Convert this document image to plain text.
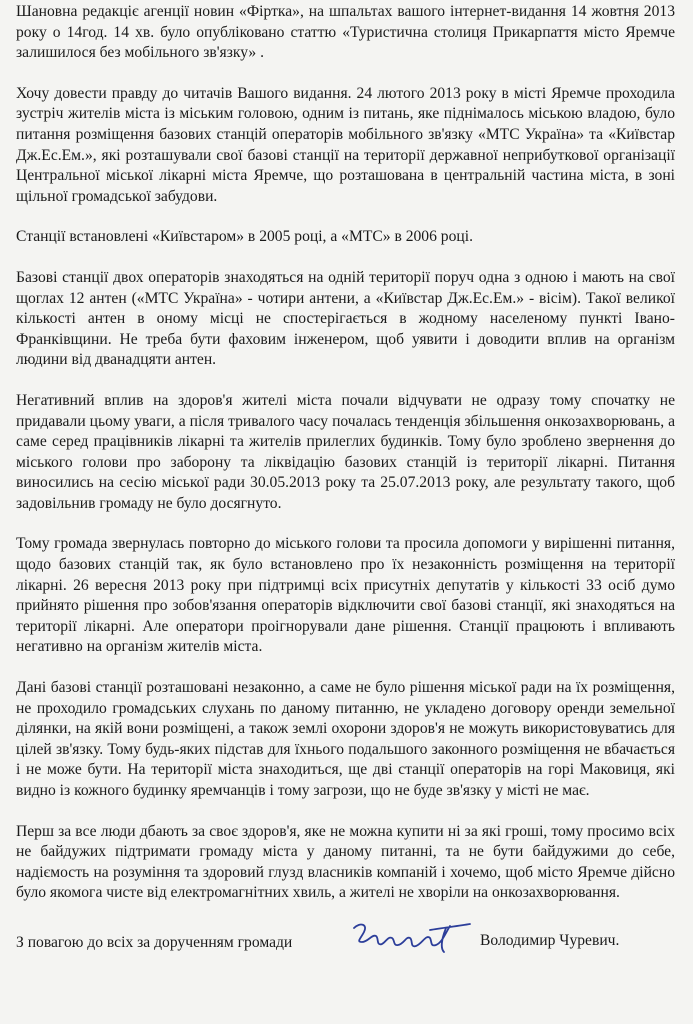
Шановна редакціє агенції новин «Фіртка», на шпальтах вашого інтернет-видання 14 жовтня 2013 року о 14год. 14 хв. було опубліковано статтю «Туристична столиця Прикарпаття місто Яремче залишилося без мобільного зв'язку» .

Хочу довести правду до читачів Вашого видання. 24 лютого 2013 року в місті Яремче проходила зустріч жителів міста із міським головою, одним із питань, яке піднімалось міською владою, було питання розміщення базових станцій операторів мобільного зв'язку «МТС Україна» та «Київстар Дж.Ес.Ем.», які розташували свої базові станції на території державної неприбуткової організації Центральної міської лікарні міста Яремче, що розташована в центральній частина міста, в зоні щільної громадської забудови.

Станції встановлені «Київстаром» в 2005 році, а «МТС» в 2006 році.

Базові станції двох операторів знаходяться на одній території поруч одна з одною і мають на свої щоглах 12 антен («МТС Україна» - чотири антени, а «Київстар Дж.Ес.Ем.» - вісім). Такої великої кількості антен в оному місці не спостерігається в жодному населеному пункті Івано-Франківщини. Не треба бути фаховим інженером, щоб уявити і доводити вплив на організм людини від дванадцяти антен.

Негативний вплив на здоров'я жителі міста почали відчувати не одразу тому спочатку не придавали цьому уваги, а після тривалого часу почалась тенденція збільшення онкозахворювань, а саме серед працівників лікарні та жителів прилеглих будинків. Тому було зроблено звернення до міського голови про заборону та ліквідацію базових станцій із території лікарні. Питання виносились на сесію міської ради 30.05.2013 року та 25.07.2013 року, але результату такого, щоб задовільнив громаду не було досягнуто.

Тому громада звернулась повторно до міського голови та просила допомоги у вирішенні питання, щодо базових станцій так, як було встановлено про їх незаконність розміщення на території лікарні. 26 вересня 2013 року при підтримці всіх присутніх депутатів у кількості 33 осіб думо прийнято рішення про зобов'язання операторів відключити свої базові станції, які знаходяться на території лікарні. Але оператори проігнорували дане рішення. Станції працюють і впливають негативно на організм жителів міста.

Дані базові станції розташовані незаконно, а саме не було рішення міської ради на їх розміщення, не проходило громадських слухань по даному питанню, не укладено договору оренди земельної ділянки, на якій вони розміщені, а також землі охорони здоров'я не можуть використовуватись для цілей зв'язку. Тому будь-яких підстав для їхнього подальшого законного розміщення не вбачається і не може бути. На території міста знаходиться, ще дві станції операторів на горі Маковиця, які видно із кожного будинку яремчанців і тому загрози, що не буде зв'язку у місті не має.

Перш за все люди дбають за своє здоров'я, яке не можна купити ні за які гроші, тому просимо всіх не байдужих підтримати громаду міста у даному питанні, та не бути байдужими до себе, надіємость на розуміння та здоровий глузд власників компаній і хочемо, щоб місто Яремче дійсно було якомога чисте від електромагнітних хвиль, а жителі не хворіли на онкозахворювання.

З повагою до всіх за дорученням громади	Володимир Чуревич.
